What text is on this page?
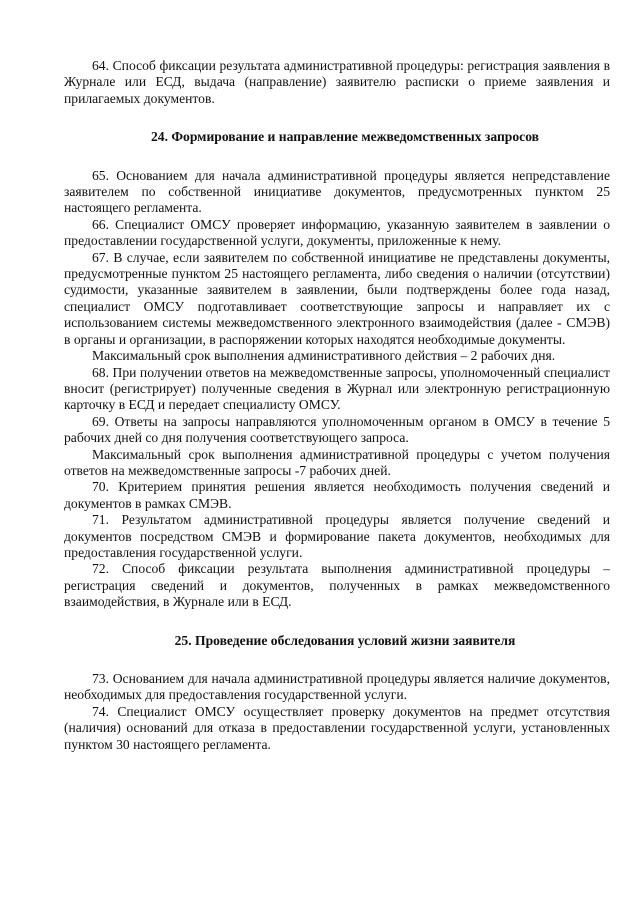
64. Способ фиксации результата административной процедуры: регистрация заявления в Журнале или ЕСД, выдача (направление) заявителю расписки о приеме заявления и прилагаемых документов.

24. Формирование и направление межведомственных запросов

65. Основанием для начала административной процедуры является непредставление заявителем по собственной инициативе документов, предусмотренных пунктом 25 настоящего регламента.

66. Специалист ОМСУ проверяет информацию, указанную заявителем в заявлении о предоставлении государственной услуги, документы, приложенные к нему.

67. В случае, если заявителем по собственной инициативе не представлены документы, предусмотренные пунктом 25 настоящего регламента, либо сведения о наличии (отсутствии) судимости, указанные заявителем в заявлении, были подтверждены более года назад, специалист ОМСУ подготавливает соответствующие запросы и направляет их с использованием системы межведомственного электронного взаимодействия (далее - СМЭВ) в органы и организации, в распоряжении которых находятся необходимые документы.

Максимальный срок выполнения административного действия – 2 рабочих дня.

68. При получении ответов на межведомственные запросы, уполномоченный специалист вносит (регистрирует) полученные сведения в Журнал или электронную регистрационную карточку в ЕСД и передает специалисту ОМСУ.

69. Ответы на запросы направляются уполномоченным органом в ОМСУ в течение 5 рабочих дней со дня получения соответствующего запроса.

Максимальный срок выполнения административной процедуры с учетом получения ответов на межведомственные запросы -7 рабочих дней.

70. Критерием принятия решения является необходимость получения сведений и документов в рамках СМЭВ.

71. Результатом административной процедуры является получение сведений и документов посредством СМЭВ и формирование пакета документов, необходимых для предоставления государственной услуги.

72. Способ фиксации результата выполнения административной процедуры – регистрация сведений и документов, полученных в рамках межведомственного взаимодействия, в Журнале или в ЕСД.

25. Проведение обследования условий жизни заявителя

73. Основанием для начала административной процедуры является наличие документов, необходимых для предоставления государственной услуги.

74. Специалист ОМСУ осуществляет проверку документов на предмет отсутствия (наличия) оснований для отказа в предоставлении государственной услуги, установленных пунктом 30 настоящего регламента.
